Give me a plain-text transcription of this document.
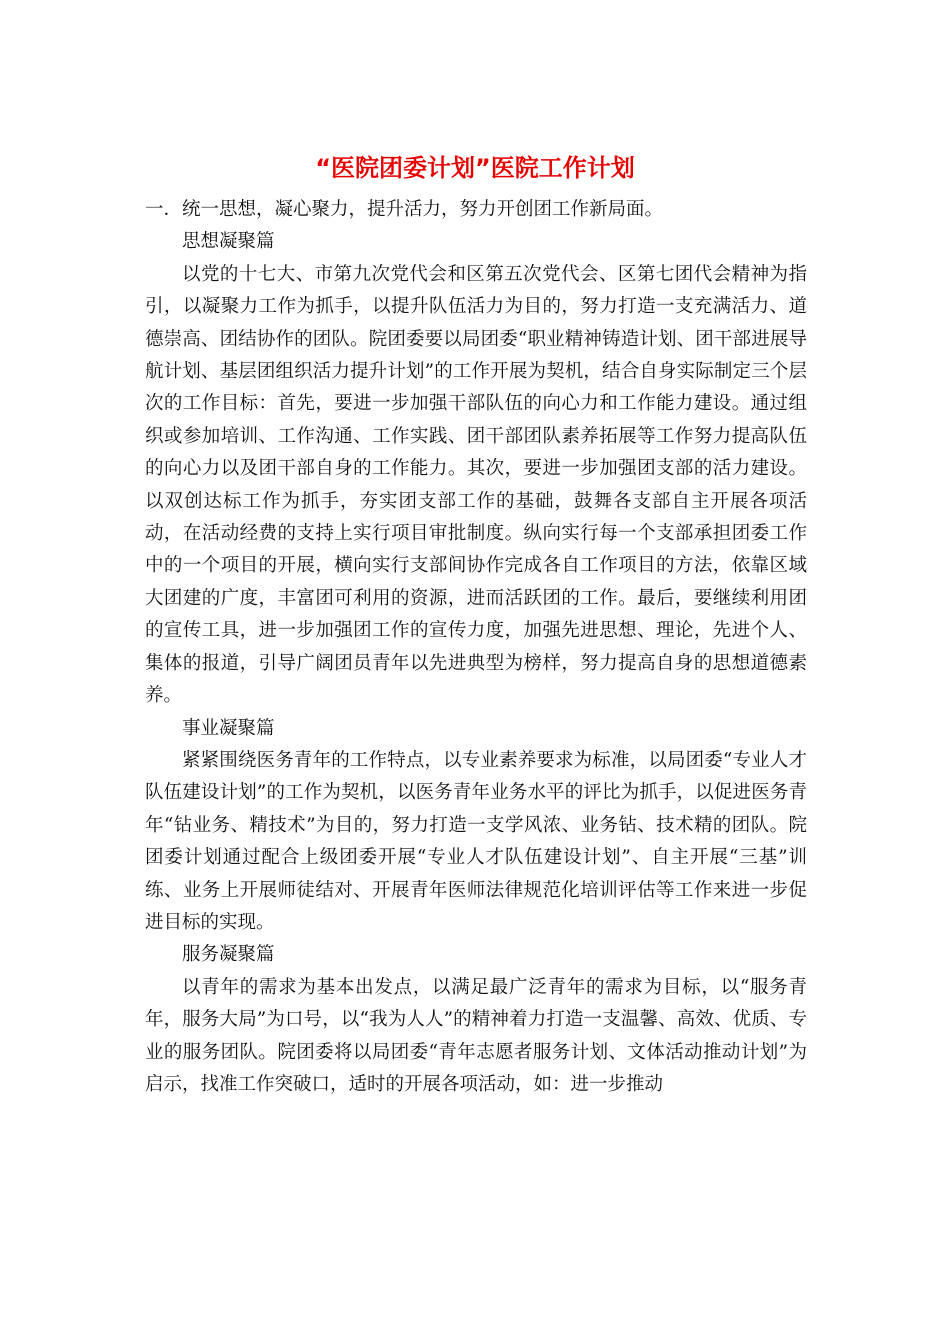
“医院团委计划”医院工作计划

一．统一思想，凝心聚力，提升活力，努力开创团工作新局面。

思想凝聚篇

以党的十七大、市第九次党代会和区第五次党代会、区第七团代会精神为指引，以凝聚力工作为抓手，以提升队伍活力为目的，努力打造一支充满活力、道德崇高、团结协作的团队。院团委要以局团委“职业精神铸造计划、团干部进展导航计划、基层团组织活力提升计划”的工作开展为契机，结合自身实际制定三个层次的工作目标：首先，要进一步加强干部队伍的向心力和工作能力建设。通过组织或参加培训、工作沟通、工作实践、团干部团队素养拓展等工作努力提高队伍的向心力以及团干部自身的工作能力。其次，要进一步加强团支部的活力建设。以双创达标工作为抓手，夯实团支部工作的基础，鼓舞各支部自主开展各项活动，在活动经费的支持上实行项目审批制度。纵向实行每一个支部承担团委工作中的一个项目的开展，横向实行支部间协作完成各自工作项目的方法，依靠区域大团建的广度，丰富团可利用的资源，进而活跃团的工作。最后，要继续利用团的宣传工具，进一步加强团工作的宣传力度，加强先进思想、理论，先进个人、集体的报道，引导广阔团员青年以先进典型为榜样，努力提高自身的思想道德素养。

事业凝聚篇

紧紧围绕医务青年的工作特点，以专业素养要求为标准，以局团委“专业人才队伍建设计划”的工作为契机，以医务青年业务水平的评比为抓手，以促进医务青年“钻业务、精技术”为目的，努力打造一支学风浓、业务钻、技术精的团队。院团委计划通过配合上级团委开展“专业人才队伍建设计划”、自主开展“三基”训练、业务上开展师徒结对、开展青年医师法律规范化培训评估等工作来进一步促进目标的实现。

服务凝聚篇

以青年的需求为基本出发点，以满足最广泛青年的需求为目标，以“服务青年，服务大局”为口号，以“我为人人”的精神着力打造一支温馨、高效、优质、专业的服务团队。院团委将以局团委“青年志愿者服务计划、文体活动推动计划”为启示，找准工作突破口，适时的开展各项活动，如：进一步推动
